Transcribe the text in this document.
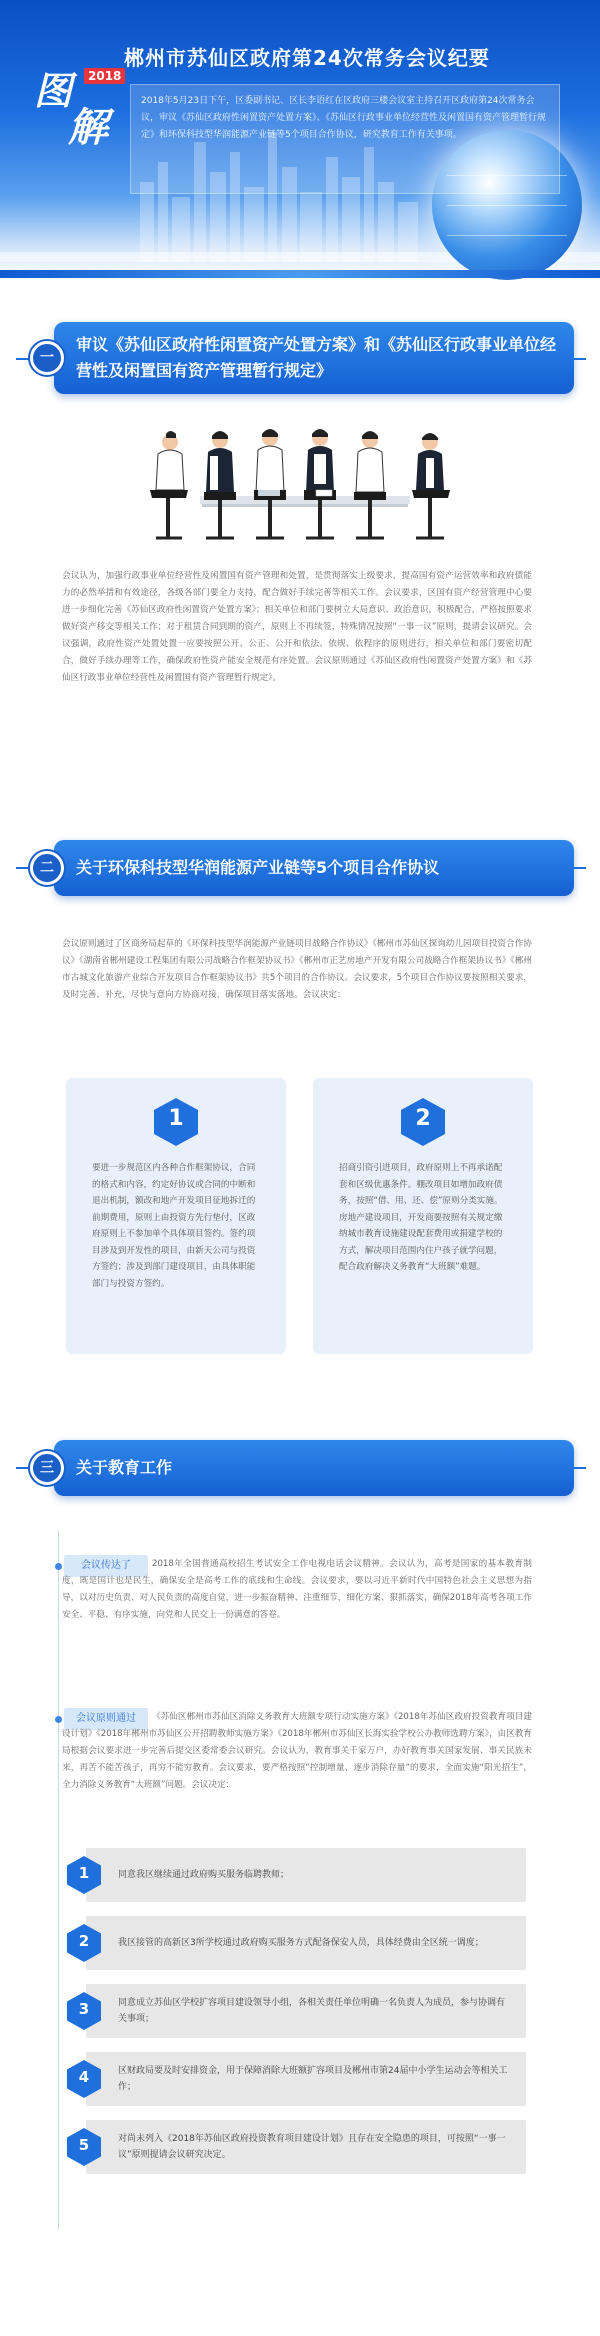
图	2018
解
郴州市苏仙区政府第24次常务会议纪要
2018年5月23日下午，区委副书记、区长李语红在区政府三楼会议室主持召开区政府第24次常务会议，审议《苏仙区政府性闲置资产处置方案》、《苏仙区行政事业单位经营性及闲置国有资产管理暂行规定》和环保科技型华润能源产业链等5个项目合作协议，研究教育工作有关事项。
一
审议《苏仙区政府性闲置资产处置方案》和《苏仙区行政事业单位经营性及闲置国有资产管理暂行规定》
会议认为，加强行政事业单位经营性及闲置国有资产管理和处置，是贯彻落实上级要求，提高国有资产运营效率和政府债能力的必然举措和有效途径，各级各部门要全力支持，配合做好手续完善等相关工作。会议要求，区国有资产经营管理中心要进一步细化完善《苏仙区政府性闲置资产处置方案》；相关单位和部门要树立大局意识、政治意识，积极配合，严格按照要求做好资产移交等相关工作；对于租赁合同到期的资产，原则上不再续签，特殊情况按照“一事一议”原则，提请会议研究。会议强调，政府性资产处置处置一应要按照公开、公正、公开和依法、依规、依程序的原则进行，相关单位和部门要密切配合，做好手续办理等工作，确保政府性资产能安全规范有序处置。会议原则通过《苏仙区政府性闲置资产处置方案》和《苏仙区行政事业单位经营性及闲置国有资产管理暂行规定》。
二	关于环保科技型华润能源产业链等5个项目合作协议
会议原则通过了区商务局起草的《环保科技型华润能源产业链项目战略合作协议》《郴州市苏仙区探询幼儿园项目投资合作协议》《湖南省郴州建设工程集团有限公司战略合作框架协议书》《郴州市正艺房地产开发有限公司战略合作框架协议书》《郴州市古城文化旅游产业综合开发项目合作框架协议书》共5个项目的合作协议。会议要求，5个项目合作协议要按照相关要求，及时完善、补充，尽快与意向方协商对接，确保项目落实落地。会议决定：
1
要进一步规范区内各种合作框架协议，合同的格式和内容，约定好协议或合同的中断和退出机制，额改和地产开发项目征地拆迁的前期费用，原则上由投资方先行垫付，区政府原则上不参加单个具体项目签约。签约项目涉及到开发性的项目，由新天公司与投资方签约；涉及到部门建设项目，由具体职能部门与投资方签约。
2
招商引资引进项目，政府原则上不再承诺配套和区级优惠条件。棚改项目如增加政府债务，按照“借、用、还、偿”原则分类实施。房地产建设项目，开发商要按照有关规定缴纳城市教育设施建设配套费用或捐建学校的方式，解决项目范围内住户孩子就学问题，配合政府解决义务教育“大班额”难题。
三	关于教育工作
会议传达了	2018年全国普通高校招生考试安全工作电视电话会议精神。会议认为，高考是国家的基本教育制度，既是国计也是民生，确保安全是高考工作的底线和生命线。会议要求，要以习近平新时代中国特色社会主义思想为指导，以对历史负责、对人民负责的高度自觉，进一步振奋精神、注重细节，细化方案、狠抓落实，确保2018年高考各项工作安全、平稳、有序实施，向党和人民交上一份满意的答卷。
会议原则通过	《苏仙区郴州市苏仙区消除义务教育大班额专项行动实施方案》《2018年苏仙区政府投资教育项目建设计划》《2018年郴州市苏仙区公开招聘教师实施方案》《2018年郴州市苏仙区长海实验学校公办教师选聘方案》，由区教育局根据会议要求进一步完善后提交区委常委会议研究。会议认为，教育事关千家万户，办好教育事关国家发展、事关民族未来，再苦不能苦孩子，再穷不能穷教育。会议要求，要严格按照“控制增量、逐步消除存量”的要求，全面实施“阳光招生”，全力消除义务教育“大班额”问题。会议决定：
1	同意我区继续通过政府购买服务临聘教师；
2	我区接管的高新区3所学校通过政府购买服务方式配备保安人员，具体经费由全区统一调度；
3	同意成立苏仙区学校扩容项目建设领导小组，各相关责任单位明确一名负责人为成员，参与协调有关事项；
4	区财政局要及时安排资金，用于保障消除大班额扩容项目及郴州市第24届中小学生运动会等相关工作；
5	对尚未列入《2018年苏仙区政府投资教育项目建设计划》且存在安全隐患的项目，可按照“一事一议”原则提请会议研究决定。
